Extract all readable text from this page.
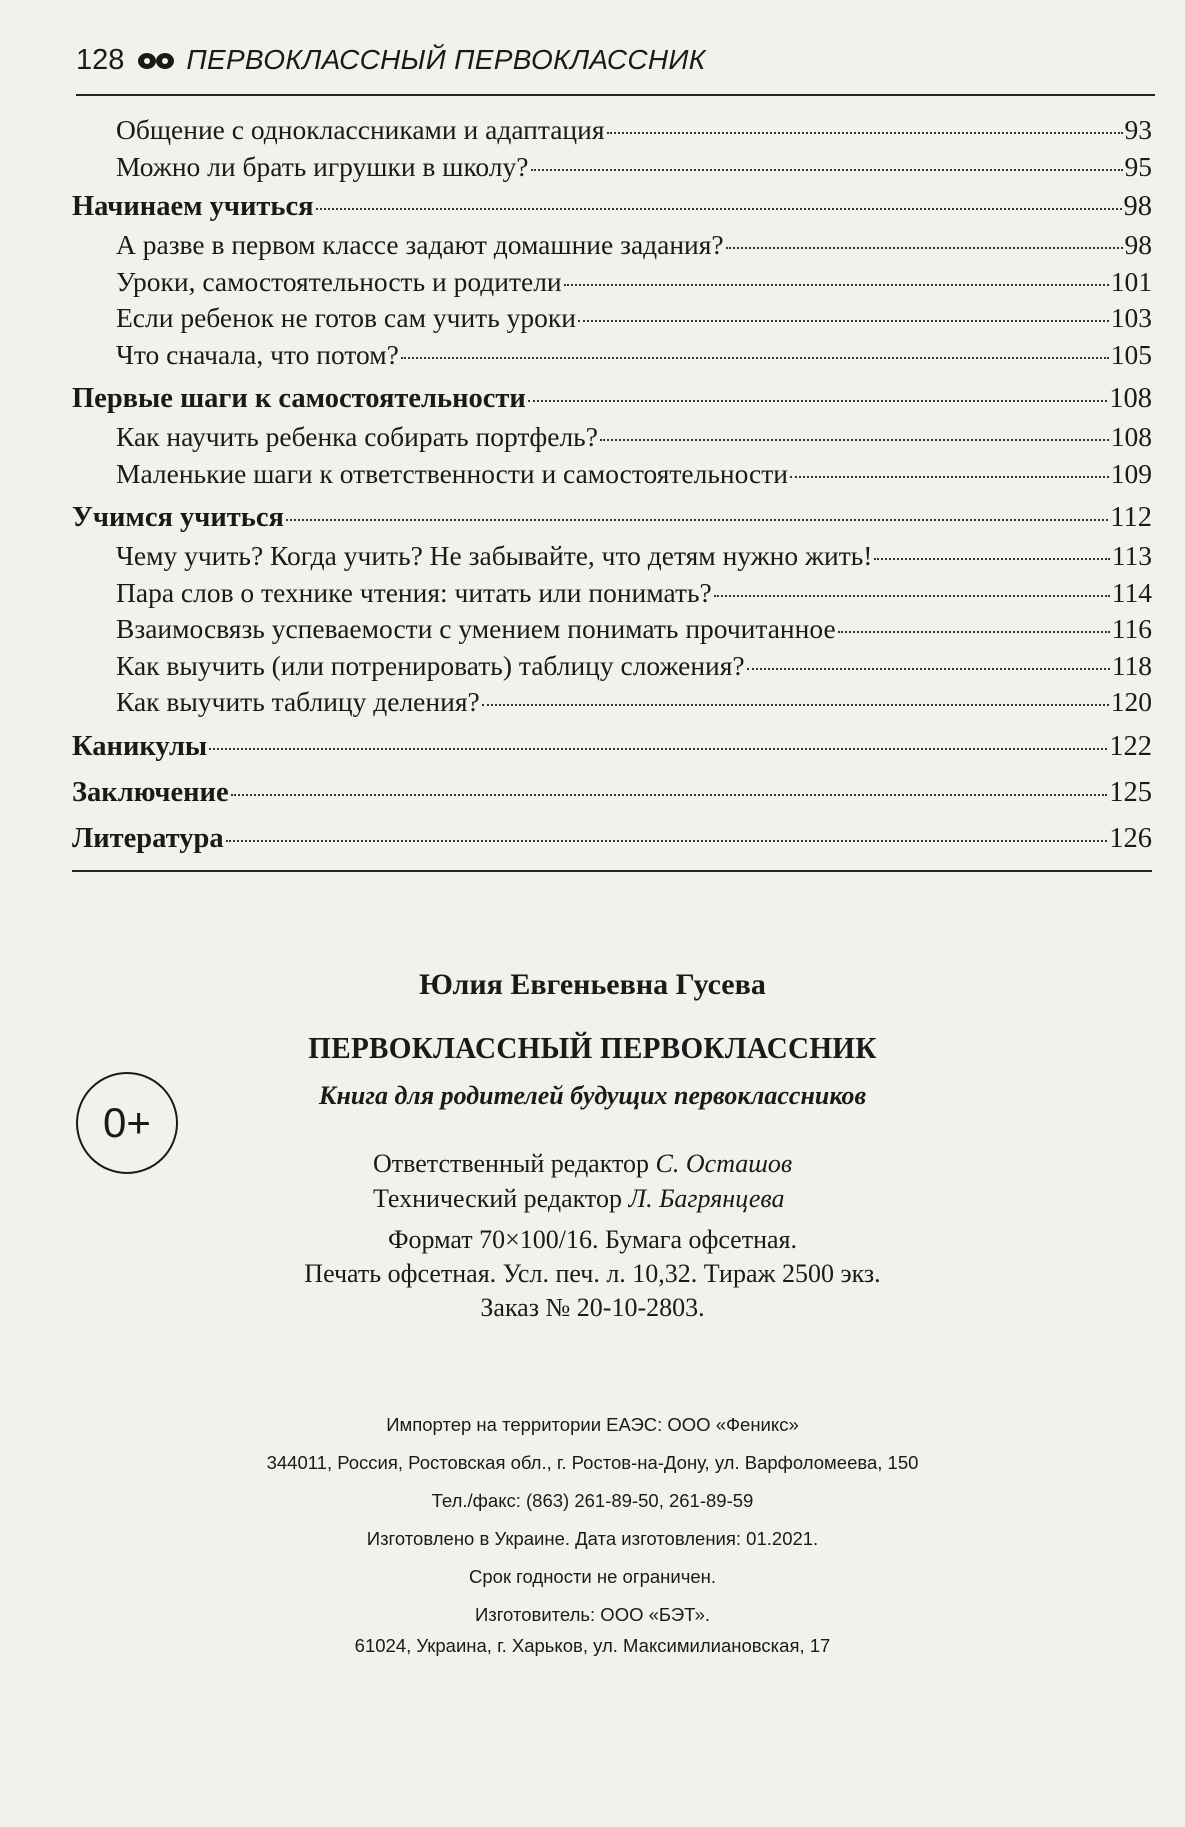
128 ПЕРВОКЛАССНЫЙ ПЕРВОКЛАССНИК
Общение с одноклассниками и адаптация	93
Можно ли брать игрушки в школу?	95
Начинаем учиться	98
А разве в первом классе задают домашние задания?	98
Уроки, самостоятельность и родители	101
Если ребенок не готов сам учить уроки	103
Что сначала, что потом?	105
Первые шаги к самостоятельности	108
Как научить ребенка собирать портфель?	108
Маленькие шаги к ответственности и самостоятельности	109
Учимся учиться	112
Чему учить? Когда учить? Не забывайте, что детям нужно жить!	113
Пара слов о технике чтения: читать или понимать?	114
Взаимосвязь успеваемости с умением понимать прочитанное	116
Как выучить (или потренировать) таблицу сложения?	118
Как выучить таблицу деления?	120
Каникулы	122
Заключение	125
Литература	126
Юлия Евгеньевна Гусева
ПЕРВОКЛАССНЫЙ ПЕРВОКЛАССНИК
Книга для родителей будущих первоклассников
0+
Ответственный редактор С. Осташов
Технический редактор Л. Багрянцева
Формат 70×100/16. Бумага офсетная.
Печать офсетная. Усл. печ. л. 10,32. Тираж 2500 экз.
Заказ № 20-10-2803.
Импортер на территории ЕАЭС: ООО «Феникс»
344011, Россия, Ростовская обл., г. Ростов-на-Дону, ул. Варфоломеева, 150
Тел./факс: (863) 261-89-50, 261-89-59
Изготовлено в Украине. Дата изготовления: 01.2021.
Срок годности не ограничен.
Изготовитель: ООО «БЭТ».
61024, Украина, г. Харьков, ул. Максимилиановская, 17
